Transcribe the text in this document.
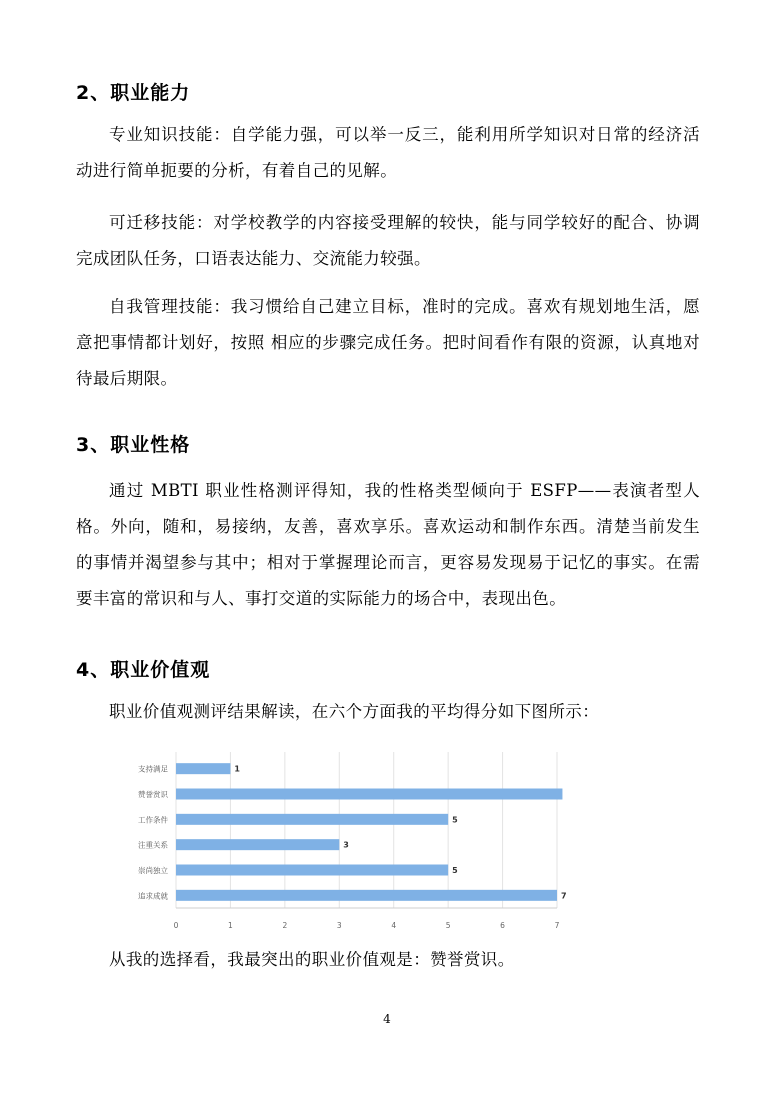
2、职业能力

专业知识技能：自学能力强，可以举一反三，能利用所学知识对日常的经济活动进行简单扼要的分析，有着自己的见解。

可迁移技能：对学校教学的内容接受理解的较快，能与同学较好的配合、协调完成团队任务，口语表达能力、交流能力较强。

自我管理技能：我习惯给自己建立目标，准时的完成。喜欢有规划地生活，愿意把事情都计划好，按照 相应的步骤完成任务。把时间看作有限的资源，认真地对待最后期限。

3、职业性格

通过 MBTI 职业性格测评得知，我的性格类型倾向于 ESFP——表演者型人格。外向，随和，易接纳，友善，喜欢享乐。喜欢运动和制作东西。清楚当前发生的事情并渴望参与其中；相对于掌握理论而言，更容易发现易于记忆的事实。在需要丰富的常识和与人、事打交道的实际能力的场合中，表现出色。

4、职业价值观

职业价值观测评结果解读，在六个方面我的平均得分如下图所示：

0	1	2	3	4	5	6	7
支持满足	1
赞誉赏识
工作条件	5
注重关系	3
崇尚独立	5
追求成就	7

从我的选择看，我最突出的职业价值观是：赞誉赏识。

4
